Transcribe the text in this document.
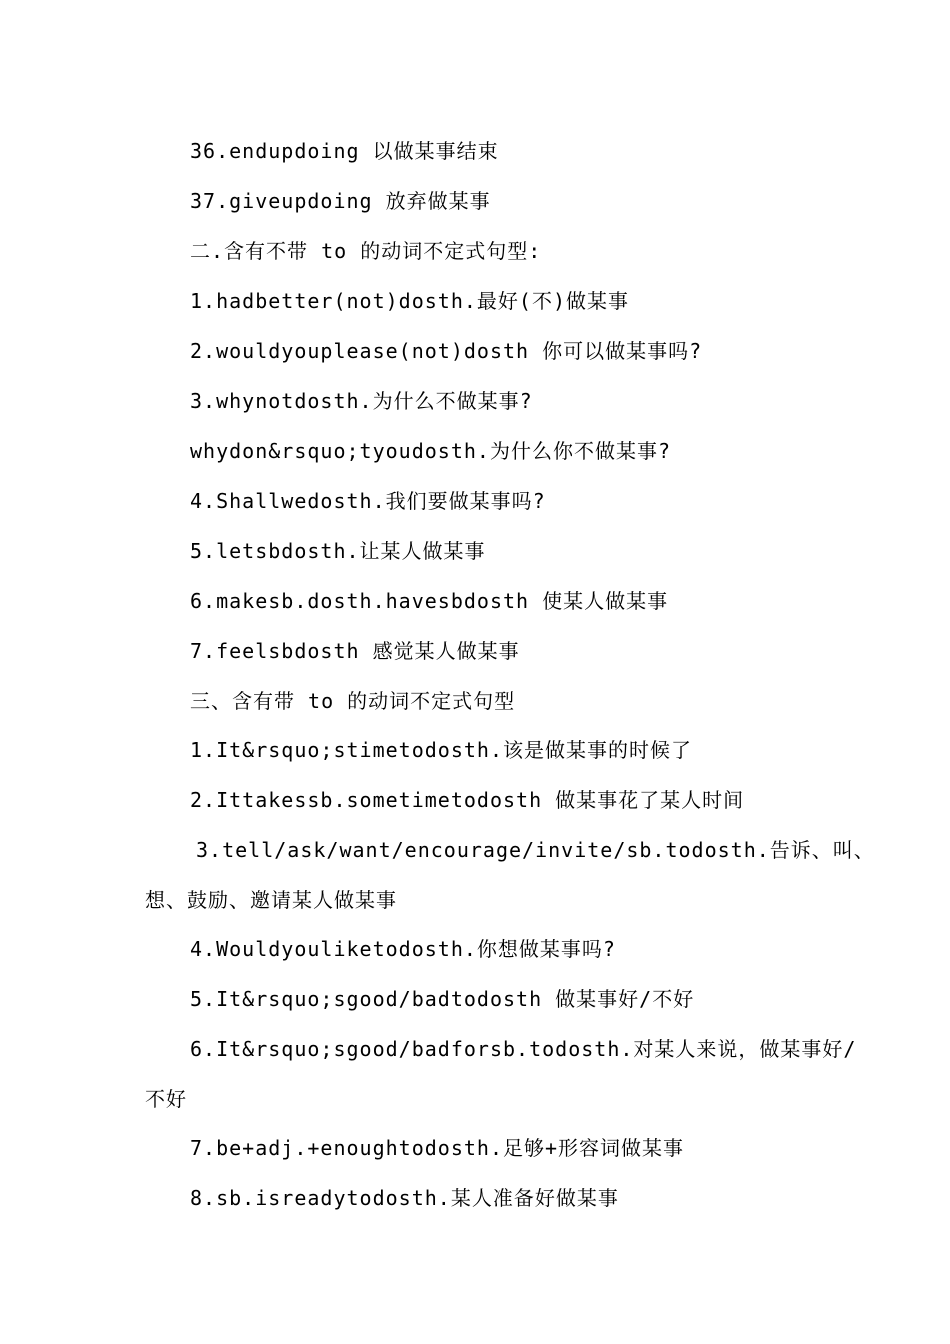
36.endupdoing 以做某事结束
37.giveupdoing 放弃做某事
二.含有不带 to 的动词不定式句型:
1.hadbetter(not)dosth.最好(不)做某事
2.wouldyouplease(not)dosth 你可以做某事吗?
3.whynotdosth.为什么不做某事?
whydon&rsquo;tyoudosth.为什么你不做某事?
4.Shallwedosth.我们要做某事吗?
5.letsbdosth.让某人做某事
6.makesb.dosth.havesbdosth 使某人做某事
7.feelsbdosth 感觉某人做某事
三、含有带 to 的动词不定式句型
1.It&rsquo;stimetodosth.该是做某事的时候了
2.Ittakessb.sometimetodosth 做某事花了某人时间
3.tell/ask/want/encourage/invite/sb.todosth.告诉、叫、
想、鼓励、邀请某人做某事
4.Wouldyouliketodosth.你想做某事吗?
5.It&rsquo;sgood/badtodosth 做某事好/不好
6.It&rsquo;sgood/badforsb.todosth.对某人来说，做某事好/
不好
7.be+adj.+enoughtodosth.足够+形容词做某事
8.sb.isreadytodosth.某人准备好做某事
